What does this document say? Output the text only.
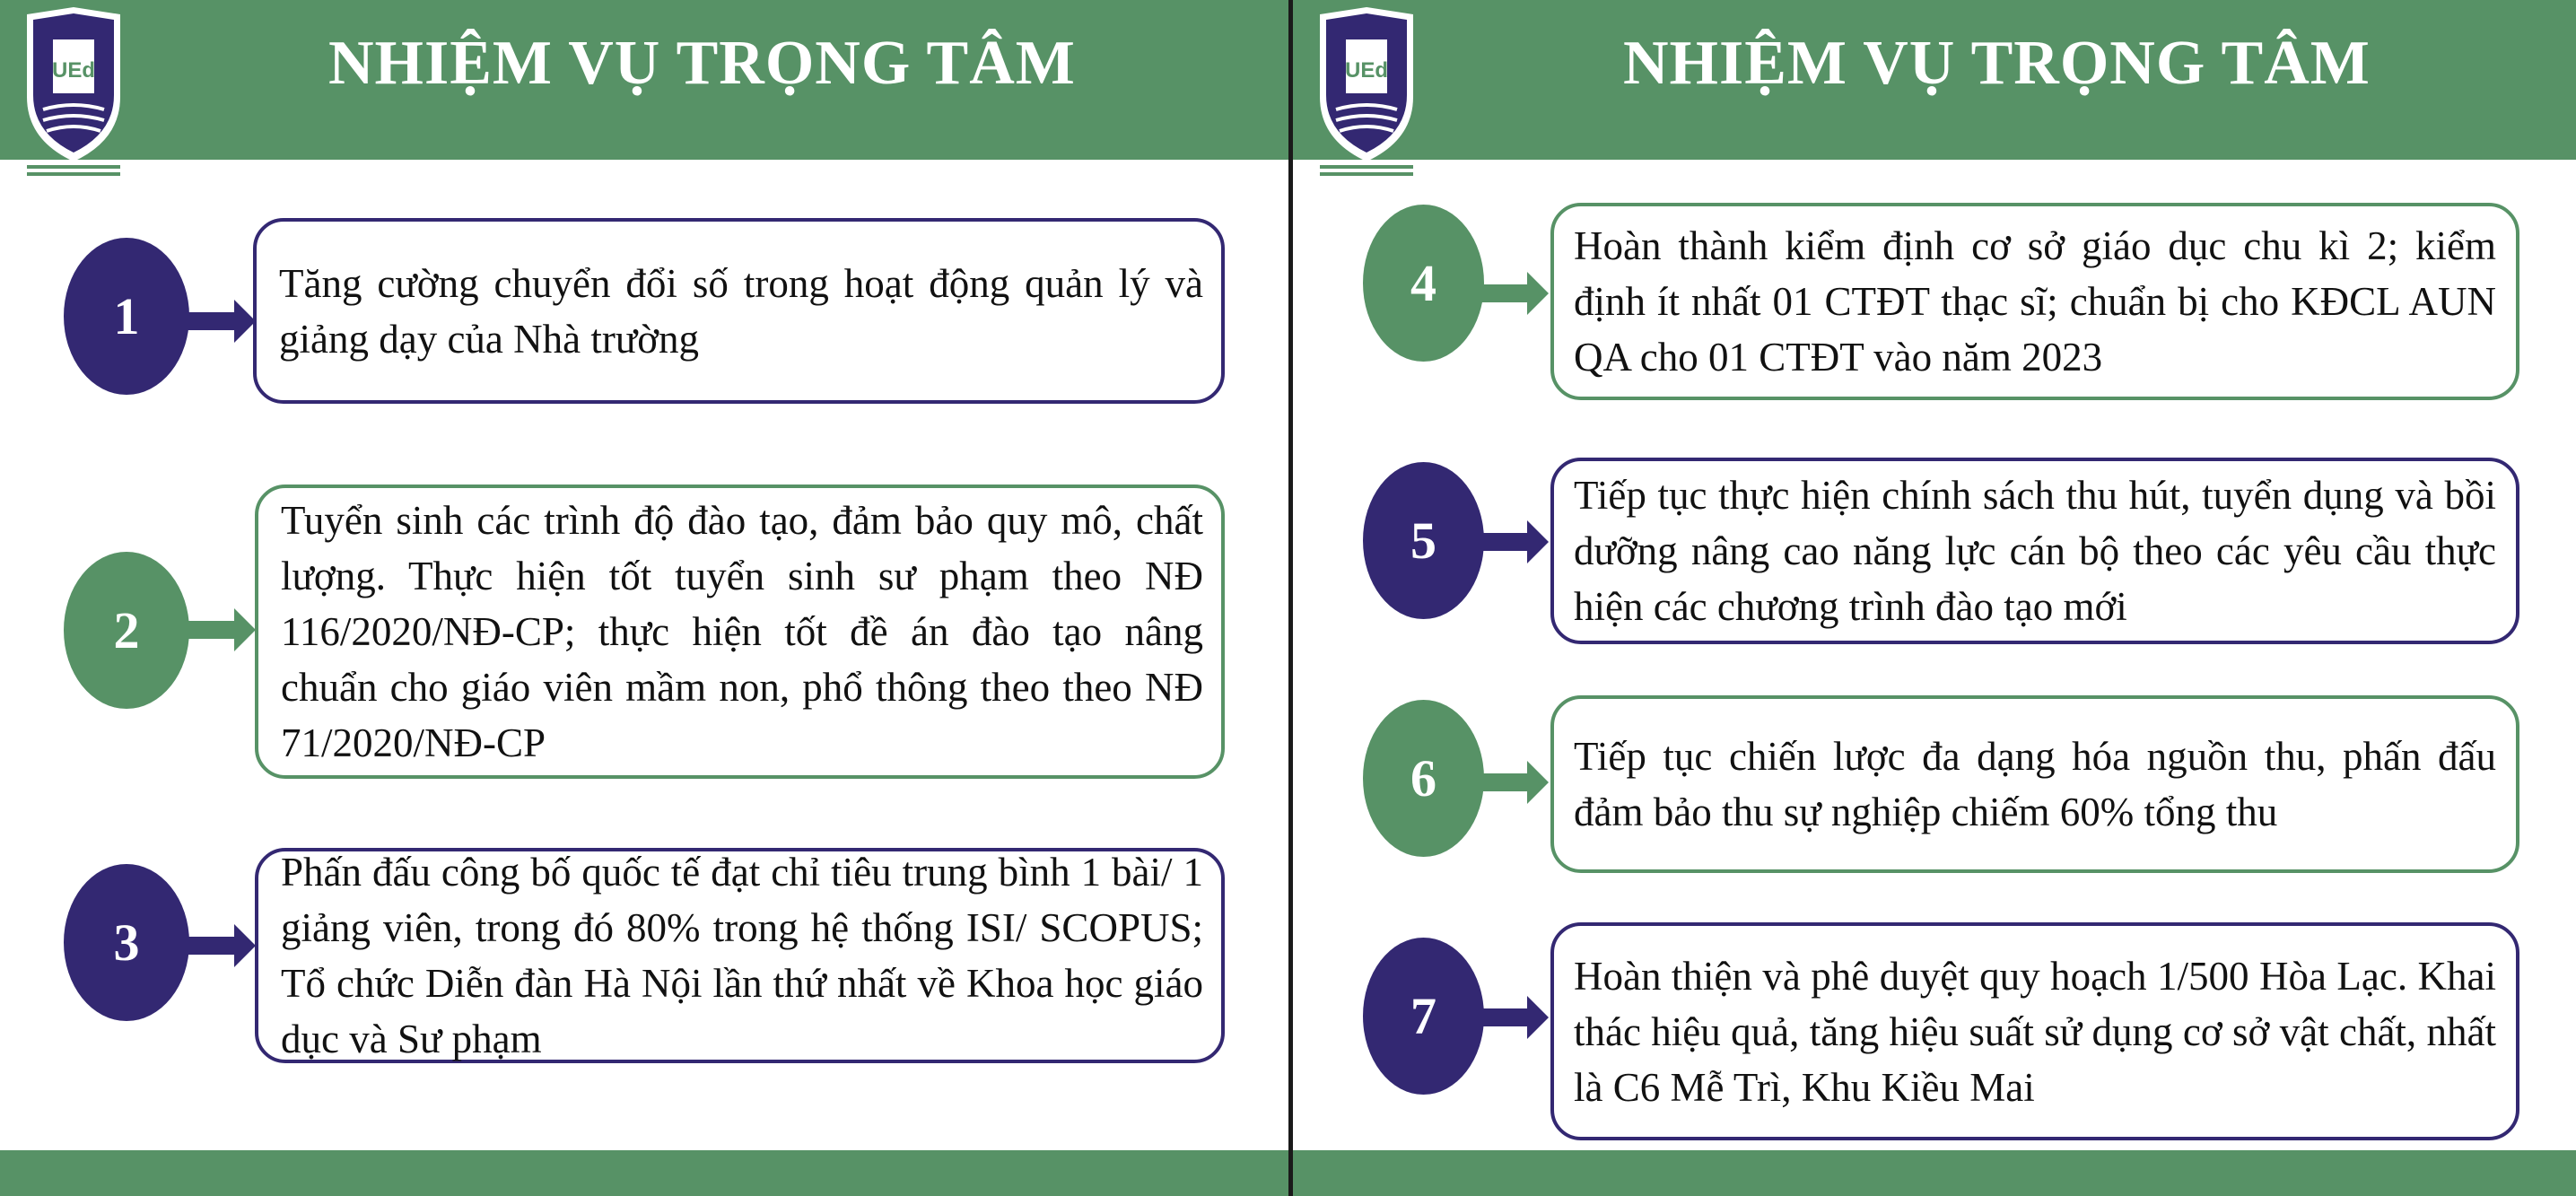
UEd	NHIỆM VỤ TRỌNG TÂM
1
Tăng cường chuyển đổi số trong hoạt động quản lý và giảng dạy của Nhà trường
2
Tuyển sinh các trình độ đào tạo, đảm bảo quy mô, chất lượng. Thực hiện tốt tuyển sinh sư phạm theo NĐ 116/2020/NĐ-CP; thực hiện tốt đề án đào tạo nâng chuẩn cho giáo viên mầm non, phổ thông theo theo NĐ 71/2020/NĐ-CP
3
Phấn đấu công bố quốc tế đạt chỉ tiêu trung bình 1 bài/ 1 giảng viên, trong đó 80% trong hệ thống ISI/ SCOPUS; Tổ chức Diễn đàn Hà Nội lần thứ nhất về Khoa học giáo dục và Sư phạm
UEd	NHIỆM VỤ TRỌNG TÂM
4
Hoàn thành kiểm định cơ sở giáo dục chu kì 2; kiểm định ít nhất 01 CTĐT thạc sĩ; chuẩn bị cho KĐCL AUN QA cho 01 CTĐT vào năm 2023
5
Tiếp tục thực hiện chính sách thu hút, tuyển dụng và bồi dưỡng nâng cao năng lực cán bộ theo các yêu cầu thực hiện các chương trình đào tạo mới
6	Tiếp tục chiến lược đa dạng hóa nguồn thu, phấn đấu đảm bảo thu sự nghiệp chiếm 60% tổng thu
7
Hoàn thiện và phê duyệt quy hoạch 1/500 Hòa Lạc. Khai thác hiệu quả, tăng hiệu suất sử dụng cơ sở vật chất, nhất là C6 Mễ Trì, Khu Kiều Mai
